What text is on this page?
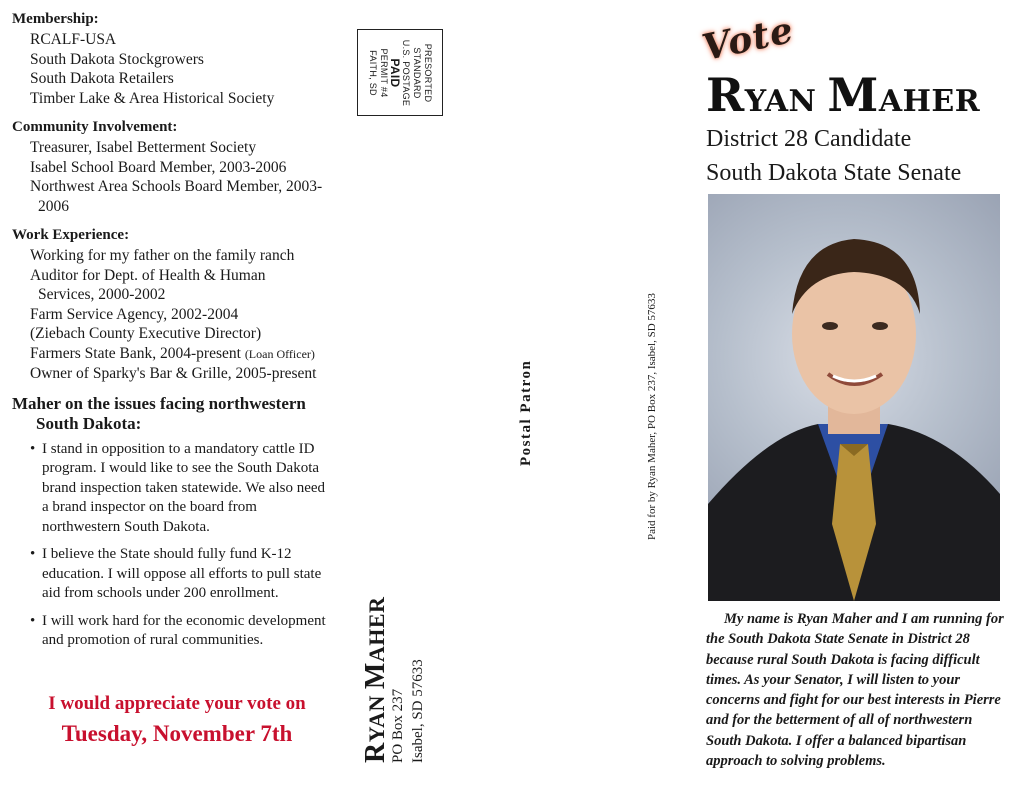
Membership:
RCALF-USA
South Dakota Stockgrowers
South Dakota Retailers
Timber Lake & Area Historical Society
Community Involvement:
Treasurer, Isabel Betterment Society
Isabel School Board Member, 2003-2006
Northwest Area Schools Board Member, 2003-
2006
Work Experience:
Working for my father on the family ranch
Auditor for Dept. of Health & Human
Services, 2000-2002
Farm Service Agency, 2002-2004
(Ziebach County Executive Director)
Farmers State Bank, 2004-present (Loan Officer)
Owner of Sparky's Bar & Grille, 2005-present
Maher on the issues facing northwestern
South Dakota:
• I stand in opposition to a mandatory cattle ID program. I would like to see the South Dakota brand inspection taken statewide. We also need a brand inspector on the board from northwestern South Dakota.
• I believe the State should fully fund K-12 education. I will oppose all efforts to pull state aid from schools under 200 enrollment.
• I will work hard for the economic development and promotion of rural communities.
I would appreciate your vote on
Tuesday, November 7th
PRESORTED
STANDARD
U.S. POSTAGE
PAID
PERMIT #4
FAITH, SD
RYAN MAHER
PO Box 237 Isabel, SD 57633
Postal Patron	Paid for by Ryan Maher, PO Box 237, Isabel, SD 57633
Vote
RYAN MAHER
District 28 Candidate
South Dakota State Senate
My name is Ryan Maher and I am running for the South Dakota State Senate in District 28 because rural South Dakota is facing difficult times. As your Senator, I will listen to your concerns and fight for our best interests in Pierre and for the betterment of all of northwestern South Dakota. I offer a balanced bipartisan approach to solving problems.
